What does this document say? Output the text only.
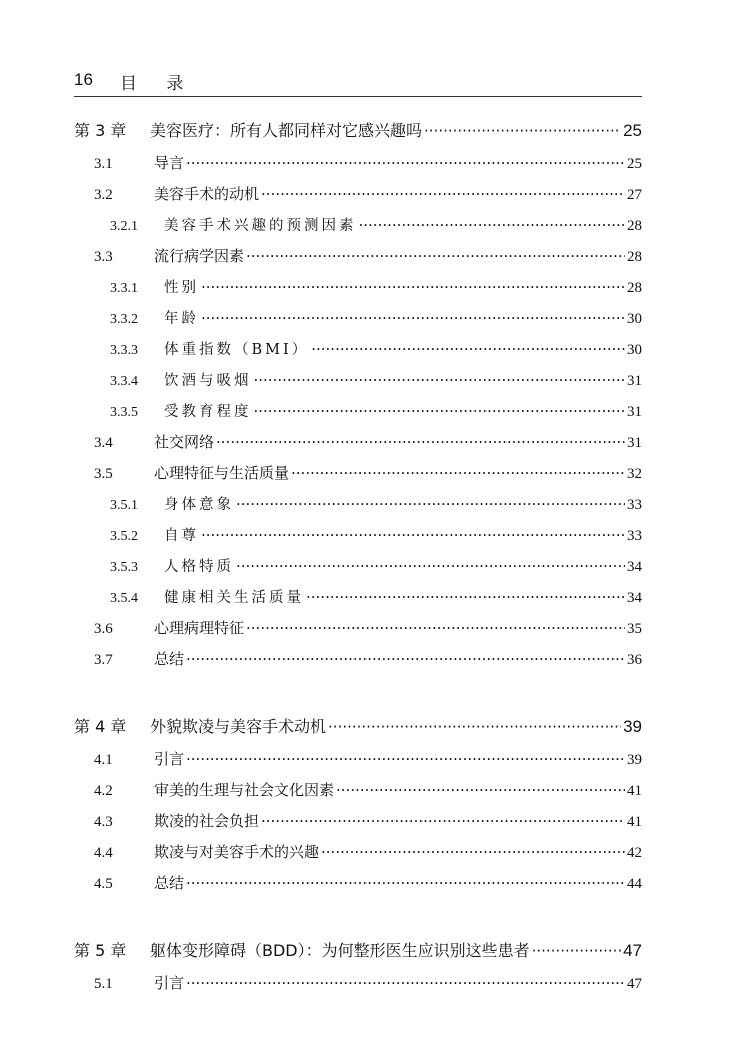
16 目 录
第 3 章	美容医疗：所有人都同样对它感兴趣吗 ·····	25
3.1	导言 ·····	25
3.2	美容手术的动机 ·····	27
3.2.1	美容手术兴趣的预测因素 ·····	28
3.3	流行病学因素 ·····	28
3.3.1	性别 ·····	28
3.3.2	年龄 ·····	30
3.3.3	体重指数（BMI） ·····	30
3.3.4	饮酒与吸烟 ·····	31
3.3.5	受教育程度 ·····	31
3.4	社交网络 ·····	31
3.5	心理特征与生活质量 ·····	32
3.5.1	身体意象 ·····	33
3.5.2	自尊 ·····	33
3.5.3	人格特质 ·····	34
3.5.4	健康相关生活质量 ·····	34
3.6	心理病理特征 ·····	35
3.7	总结 ·····	36
第 4 章	外貌欺凌与美容手术动机 ·····	39
4.1	引言 ·····	39
4.2	审美的生理与社会文化因素 ·····	41
4.3	欺凌的社会负担 ·····	41
4.4	欺凌与对美容手术的兴趣 ·····	42
4.5	总结 ·····	44
第 5 章	躯体变形障碍（BDD）：为何整形医生应识别这些患者 ·····	47
5.1	引言 ·····	47
